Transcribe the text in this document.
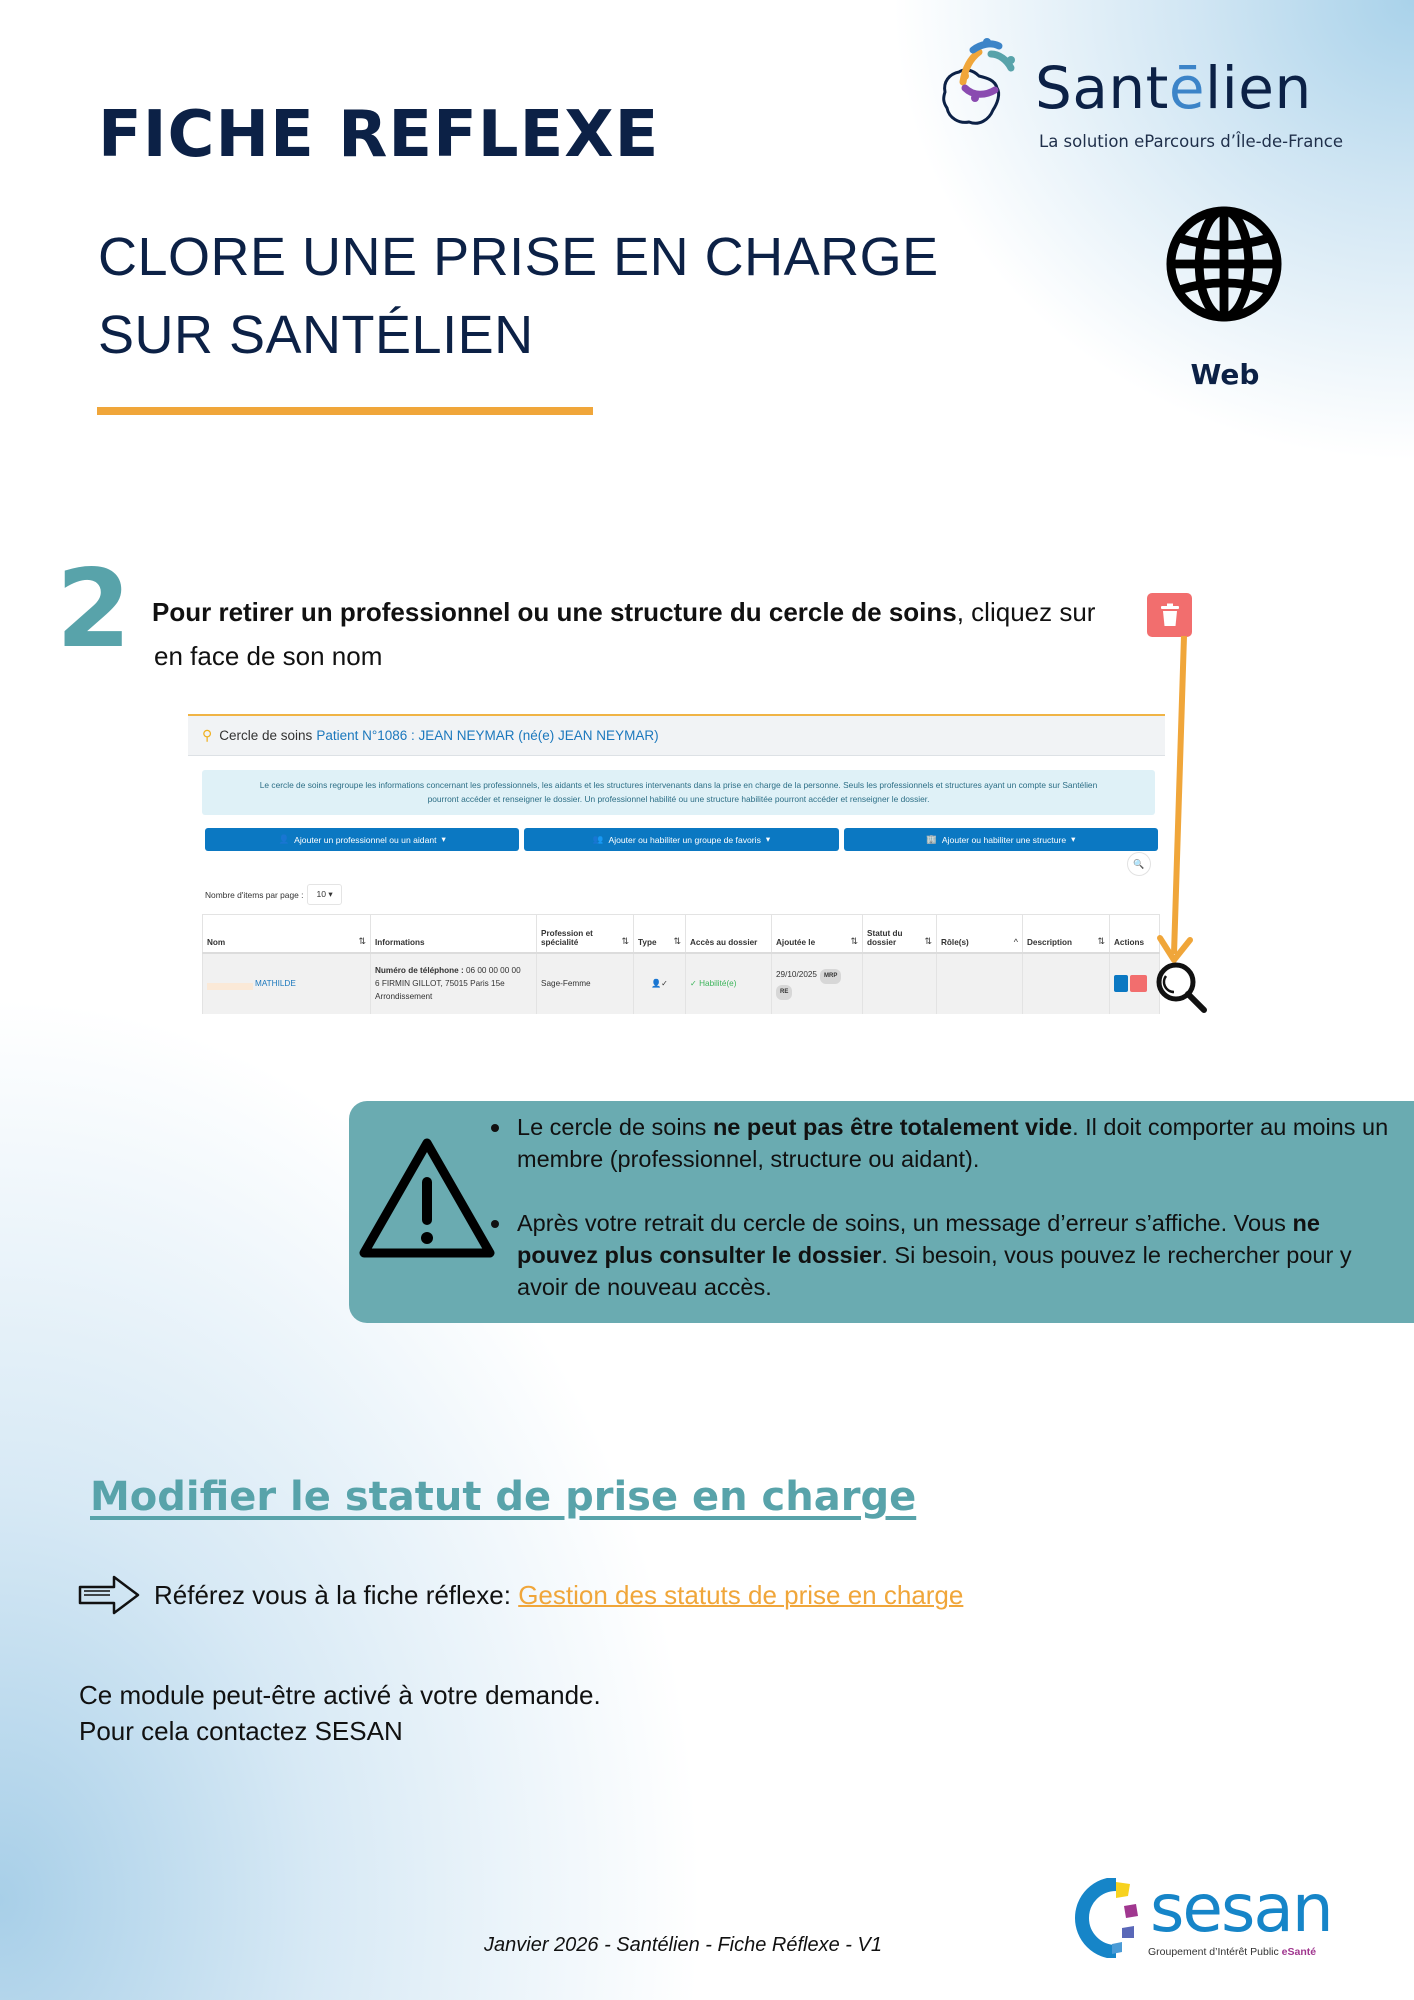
FICHE REFLEXE
CLORE UNE PRISE EN CHARGE
SUR SANTÉLIEN
Santēlien
La solution eParcours d’Île-de-France
Web
2 Pour retirer un professionnel ou une structure du cercle de soins, cliquez sur
en face de son nom
⚲ Cercle de soins Patient N°1086 : JEAN NEYMAR (né(e) JEAN NEYMAR)
Le cercle de soins regroupe les informations concernant les professionnels, les aidants et les structures intervenants dans la prise en charge de la personne. Seuls les professionnels et structures ayant un compte sur Santélien
pourront accéder et renseigner le dossier. Un professionnel habilité ou une structure habilitée pourront accéder et renseigner le dossier.
👤 Ajouter un professionnel ou un aidant ▾	👥 Ajouter ou habiliter un groupe de favoris ▾	🏢 Ajouter ou habiliter une structure ▾
🔍
Nombre d'items par page :	10 ▾
Nom ⇅	Informations	Profession et spécialité ⇅	Type ⇅	Accès au dossier	Ajoutée le ⇅	Statut du dossier ⇅	Rôle(s) ^	Description ⇅	Actions
MATHILDE	Numéro de téléphone : 06 00 00 00 00
6 FIRMIN GILLOT, 75015 Paris 15e Arrondissement	Sage-Femme	👤✓	✓ Habilité(e)	29/10/2025 MRP
RE				
Le cercle de soins ne peut pas être totalement vide. Il doit comporter au moins un membre (professionnel, structure ou aidant).
Après votre retrait du cercle de soins, un message d’erreur s’affiche. Vous ne pouvez plus consulter le dossier. Si besoin, vous pouvez le rechercher pour y avoir de nouveau accès.
Modifier le statut de prise en charge
Référez vous à la fiche réflexe: Gestion des statuts de prise en charge
Ce module peut-être activé à votre demande.
Pour cela contactez SESAN
Janvier 2026 - Santélien - Fiche Réflexe - V1	sesan
Groupement d’Intérêt Public eSanté
